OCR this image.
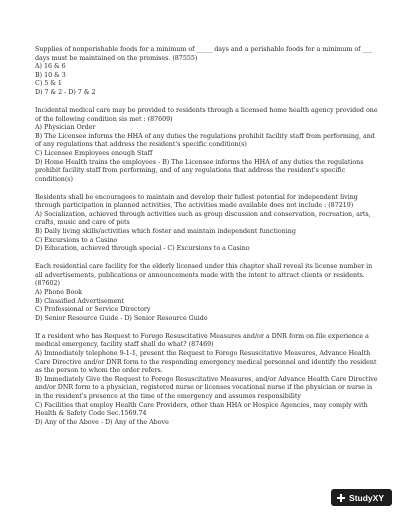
Supplies of nonperishable foods for a minimum of _____ days and a perishable foods for a minimum of ___ days must be maintained on the premises. (87555)
A) 16 & 6
B) 10 & 3
C) 5 & 1
D) 7 & 2 - D) 7 & 2
Incidental medical care may be provided to residents through a licensed home health agency provided one of the following condition sis met : (87609)
A) Physician Order
B) The Licensee informs the HHA of any duties the regulations prohibit facility staff from performing, and of any regulations that address the resident's specific condition(s)
C) Licensee Employees enough Staff
D) Home Health trains the employees - B) The Licensee informs the HHA of any duties the regulations prohibit facility staff from performing, and of any regulations that address the resident's specific condition(s)
Residents shall be encouragees to maintain and develop their fullest potential for independent living through participation in planned activities, The activities made available does not include : (87219)
A) Socialization, achieved through activities such as group discussion and conservation, recreation, arts, crafts, music and care of pets
B) Daily living skills/activities which foster and maintain independent functioning
C) Excursions to a Casino
D) Education, achieved through special - C) Excursions to a Casino
Each residential care facility for the elderly licensed under this chapter shall reveal its license number in all advertisements, publications or announcements made with the intent to attract clients or residents. (87602)
A) Phone Book
B) Classified Advertisement
C) Professional or Service Directory
D) Senior Resource Guide - D) Senior Resource Guide
If a resident who has Request to Forego Resuscitative Measures and/or a DNR form on file experience a medical emergency, facility staff shall do what? (87469)
A) Immediately telephone 9-1-1, present the Request to Forego Resuscitative Measures, Advance Health Care Directive and/or DNR form to the responding emergency medical personnel and identify the resident as the person to whom the order refers.
B) Immediately Give the Request to Forego Resuscitative Measures, and/or Advance Health Care Directive and/or DNR form to a physician, registered nurse or licenses vocational nurse if the physician or nurse is in the resident's presence at the time of the emergency and assumes responsibility
C) Facilities that employ Health Care Providers, other than HHA or Hospice Agencies, may comply with Health & Safety Code Sec.1569.74
D) Any of the Above - D) Any of the Above
StudyXY
